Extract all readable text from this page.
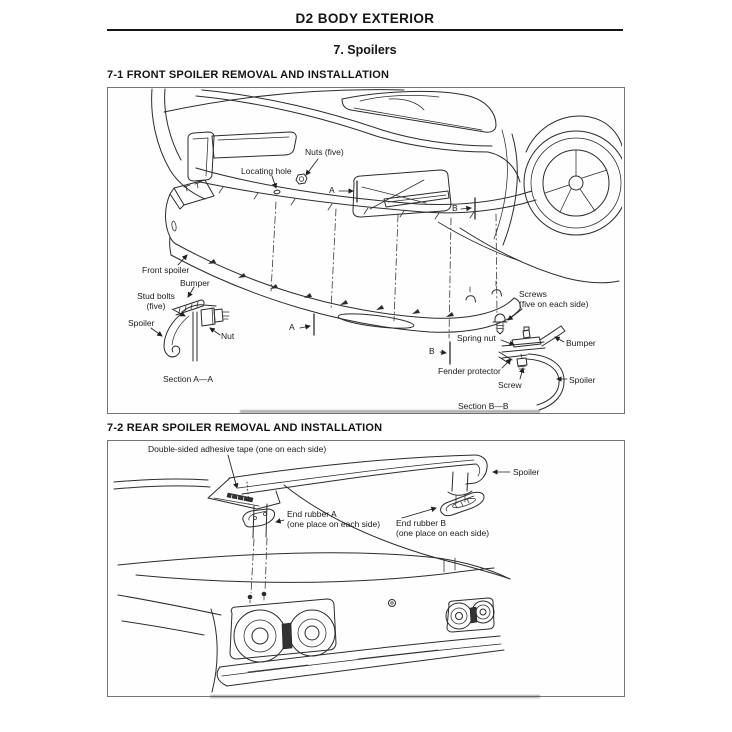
D2 BODY EXTERIOR
7. Spoilers
7-1 FRONT SPOILER REMOVAL AND INSTALLATION
Nuts (five)
Locating hole
A
B
Front spoiler
Bumper
Stud bolts
(five)
Spoiler
Nut
Section A—A
Screws
(five on each side)
A
B
Spring nut	Bumper
Fender protector
Screw	Spoiler
Section B—B
7-2 REAR SPOILER REMOVAL AND INSTALLATION
Double-sided adhesive tape (one on each side)
Spoiler
End rubber A
(one place on each side) End rubber B
(one place on each side)
